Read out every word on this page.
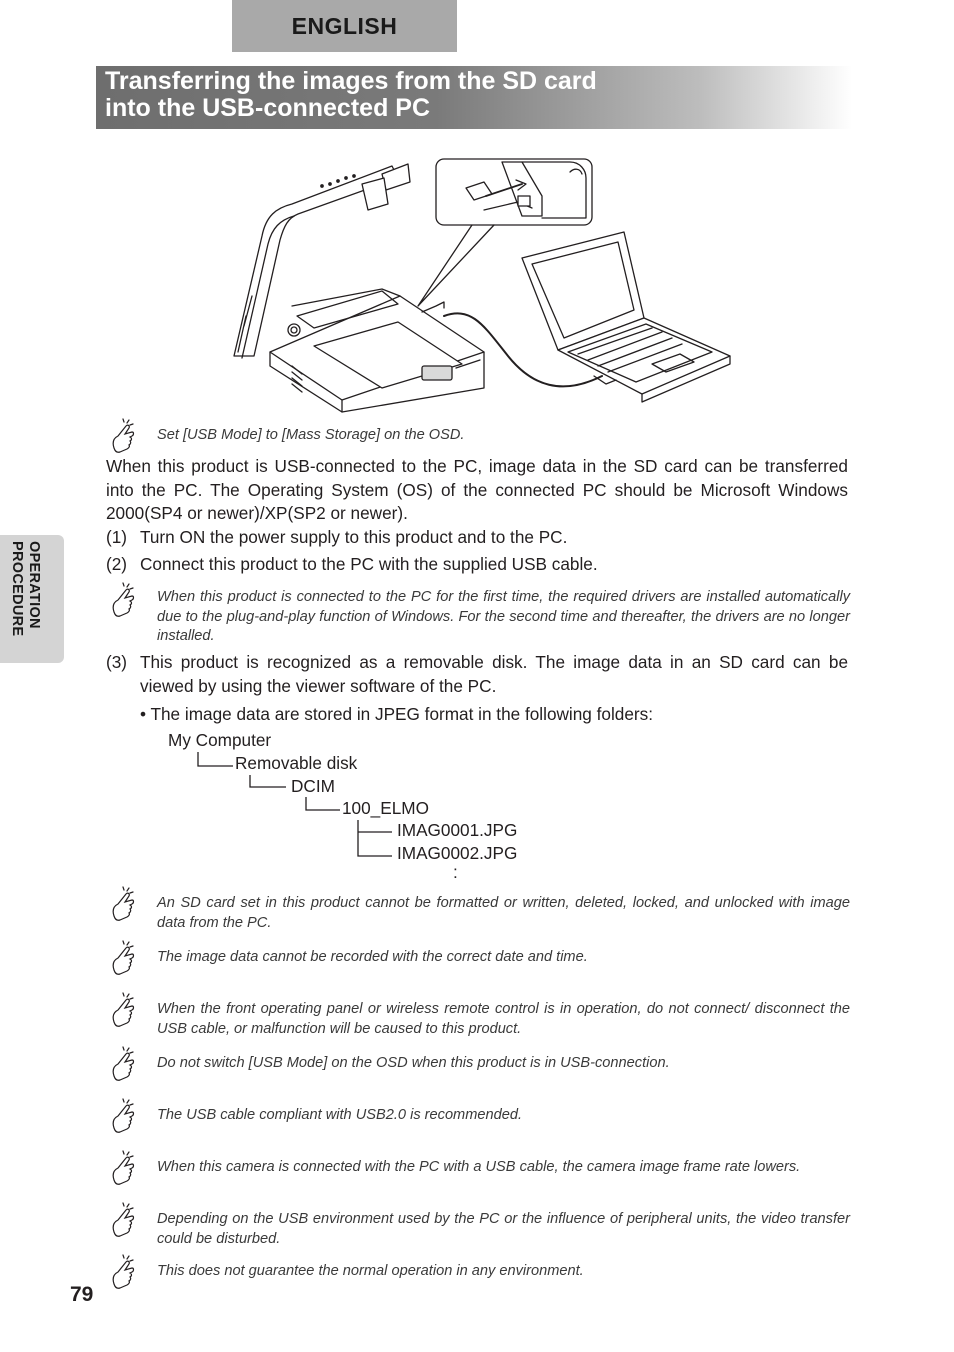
ENGLISH
Transferring the images from the SD card
into the USB-connected PC
OPERATION
PROCEDURE

Set [USB Mode] to [Mass Storage] on the OSD.

When this product is USB-connected to the PC, image data in the SD card can be transferred into the PC. The Operating System (OS) of the connected PC should be Microsoft Windows 2000(SP4 or newer)/XP(SP2 or newer).

(1) Turn ON the power supply to this product and to the PC.
(2) Connect this product to the PC with the supplied USB cable.

When this product is connected to the PC for the first time, the required drivers are installed automatically due to the plug-and-play function of Windows. For the second time and thereafter, the drivers are no longer installed.

(3) This product is recognized as a removable disk. The image data in an SD card can be viewed by using the viewer software of the PC.
• The image data are stored in JPEG format in the following folders:
My Computer
Removable disk
DCIM
100_ELMO
IMAG0001.JPG
IMAG0002.JPG
:

An SD card set in this product cannot be formatted or written, deleted, locked, and unlocked with image data from the PC.

The image data cannot be recorded with the correct date and time.

When the front operating panel or wireless remote control is in operation, do not connect/ disconnect the USB cable, or malfunction will be caused to this product.

Do not switch [USB Mode] on the OSD when this product is in USB-connection.

The USB cable compliant with USB2.0 is recommended.

When this camera is connected with the PC with a USB cable, the camera image frame rate lowers.

Depending on the USB environment used by the PC or the influence of peripheral units, the video transfer could be disturbed.

This does not guarantee the normal operation in any environment.

79
